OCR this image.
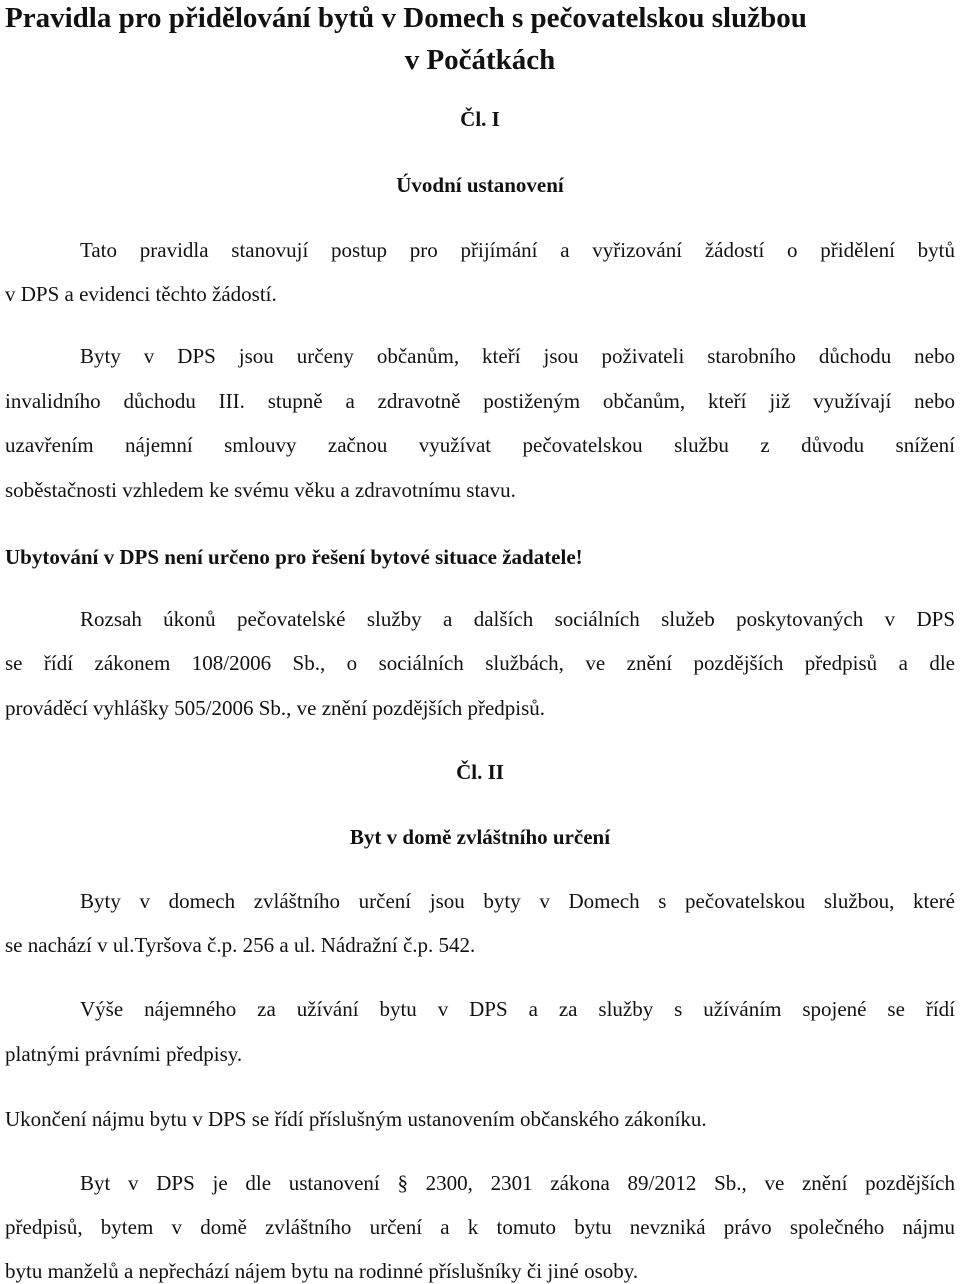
Pravidla pro přidělování bytů v Domech s pečovatelskou službou
v Počátkách
Čl. I
Úvodní ustanovení
Tato pravidla stanovují postup pro přijímání a vyřizování žádostí o přidělení bytů
v DPS a evidenci těchto žádostí.
Byty v DPS jsou určeny občanům, kteří jsou poživateli starobního důchodu nebo
invalidního důchodu III. stupně a zdravotně postiženým občanům, kteří již využívají nebo
uzavřením nájemní smlouvy začnou využívat pečovatelskou službu z důvodu snížení
soběstačnosti vzhledem ke svému věku a zdravotnímu stavu.
Ubytování v DPS není určeno pro řešení bytové situace žadatele!
Rozsah úkonů pečovatelské služby a dalších sociálních služeb poskytovaných v DPS
se řídí zákonem 108/2006 Sb., o sociálních službách, ve znění pozdějších předpisů a dle
prováděcí vyhlášky 505/2006 Sb., ve znění pozdějších předpisů.
Čl. II
Byt v domě zvláštního určení
Byty v domech zvláštního určení jsou byty v Domech s pečovatelskou službou, které
se nachází v ul.Tyršova č.p. 256 a ul. Nádražní č.p. 542.
Výše nájemného za užívání bytu v DPS a za služby s užíváním spojené se řídí
platnými právními předpisy.
Ukončení nájmu bytu v DPS se řídí příslušným ustanovením občanského zákoníku.
Byt v DPS je dle ustanovení § 2300, 2301 zákona 89/2012 Sb., ve znění pozdějších
předpisů, bytem v domě zvláštního určení a k tomuto bytu nevzniká právo společného nájmu
bytu manželů a nepřechází nájem bytu na rodinné příslušníky či jiné osoby.
